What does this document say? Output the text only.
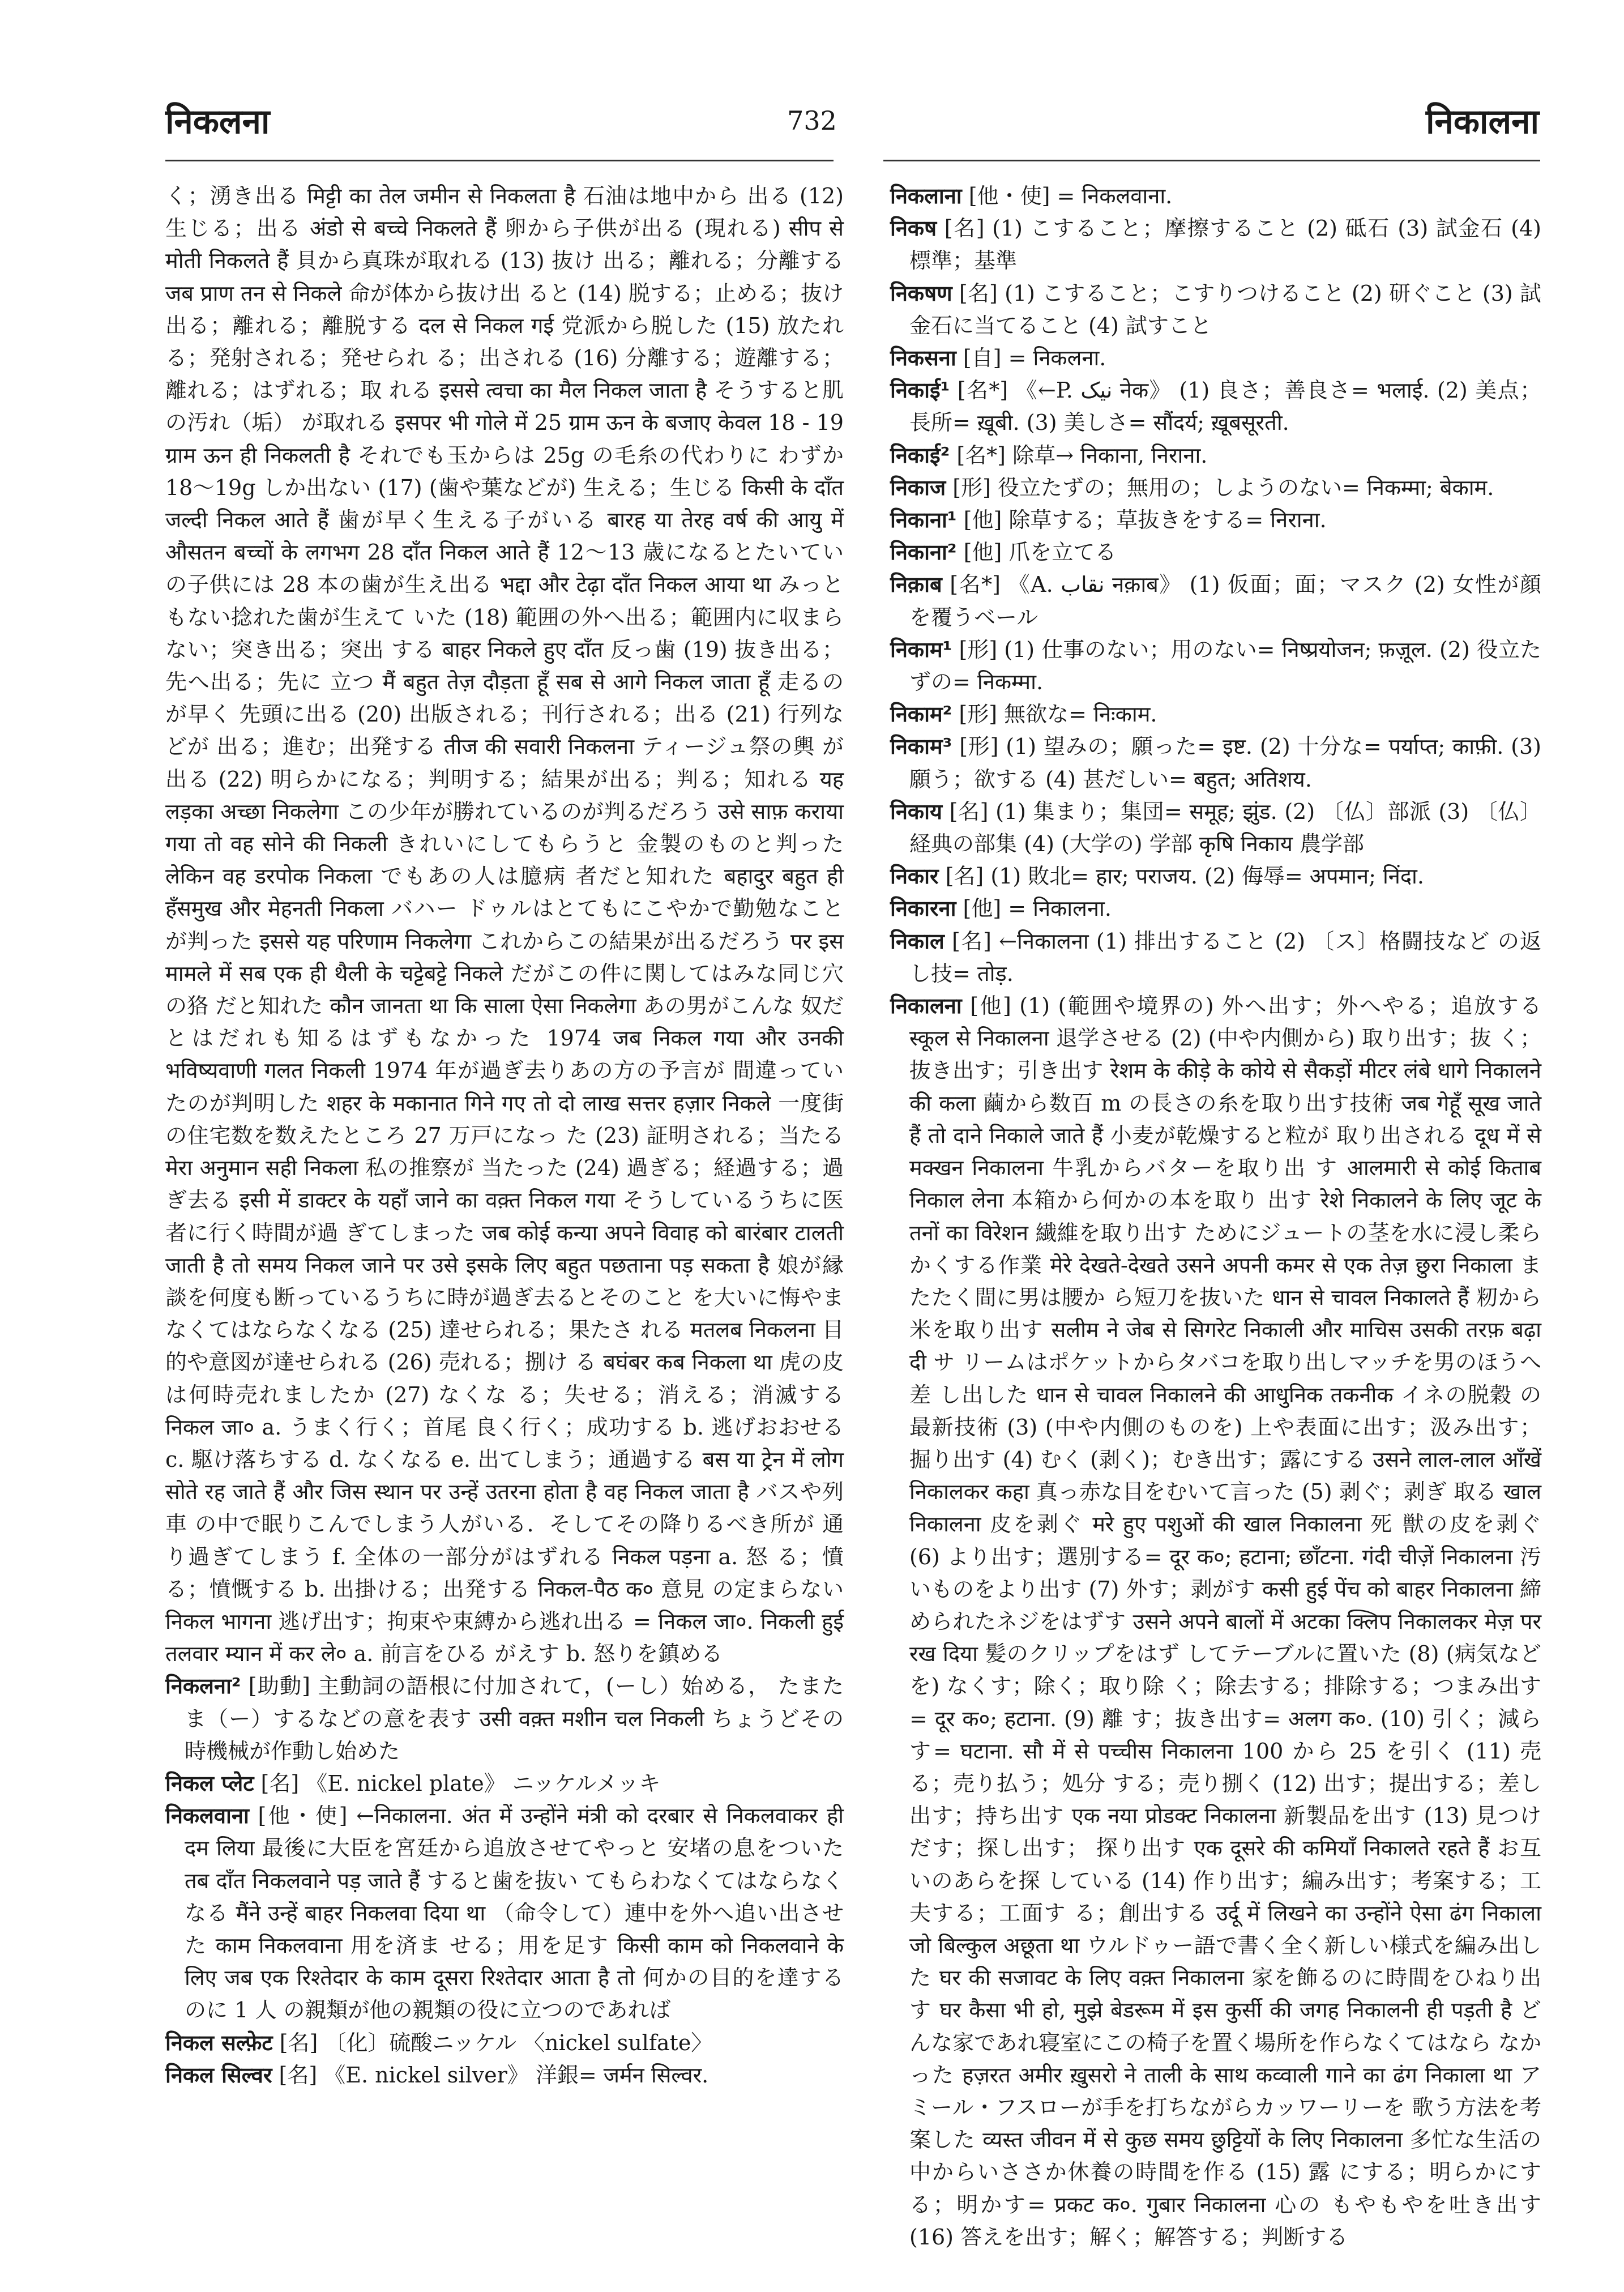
निकलना	732	निकालना

く；湧き出る मिट्टी का तेल जमीन से निकलता है 石油は地中から 出る (12) 生じる；出る अंडो से बच्चे निकलते हैं 卵から子供が出る (現れる) सीप से मोती निकलते हैं 貝から真珠が取れる (13) 抜け 出る；離れる；分離する जब प्राण तन से निकले 命が体から抜け出 ると (14) 脱する；止める；抜け出る；離れる；離脱する दल से निकल गई 党派から脱した (15) 放たれる；発射される；発せられ る；出される (16) 分離する；遊離する；離れる；はずれる；取 れる इससे त्वचा का मैल निकल जाता है そうすると肌の汚れ（垢） が取れる इसपर भी गोले में 25 ग्राम ऊन के बजाए केवल 18 - 19 ग्राम ऊन ही निकलती है それでも玉からは 25g の毛糸の代わりに わずか 18～19g しか出ない (17) (歯や葉などが) 生える；生じる किसी के दाँत जल्दी निकल आते हैं 歯が早く生える子がいる बारह या तेरह वर्ष की आयु में औसतन बच्चों के लगभग 28 दाँत निकल आते हैं 12～13 歳になるとたいていの子供には 28 本の歯が生え出る भद्दा और टेढ़ा दाँत निकल आया था みっともない捻れた歯が生えて いた (18) 範囲の外へ出る；範囲内に収まらない；突き出る；突出 する बाहर निकले हुए दाँत 反っ歯 (19) 抜き出る；先へ出る；先に 立つ मैं बहुत तेज़ दौड़ता हूँ सब से आगे निकल जाता हूँ 走るのが早く 先頭に出る (20) 出版される；刊行される；出る (21) 行列などが 出る；進む；出発する तीज की सवारी निकलना ティージュ祭の輿 が出る (22) 明らかになる；判明する；結果が出る；判る；知れる यह लड़का अच्छा निकलेगा この少年が勝れているのが判るだろう उसे साफ़ कराया गया तो वह सोने की निकली きれいにしてもらうと 金製のものと判った लेकिन वह डरपोक निकला でもあの人は臆病 者だと知れた बहादुर बहुत ही हँसमुख और मेहनती निकला バハー ドゥルはとてもにこやかで勤勉なことが判った इससे यह परिणाम निकलेगा これからこの結果が出るだろう पर इस मामले में सब एक ही थैली के चट्टेबट्टे निकले だがこの件に関してはみな同じ穴の狢 だと知れた कौन जानता था कि साला ऐसा निकलेगा あの男がこんな 奴だとはだれも知るはずもなかった 1974 जब निकल गया और उनकी भविष्यवाणी गलत निकली 1974 年が過ぎ去りあの方の予言が 間違っていたのが判明した शहर के मकानात गिने गए तो दो लाख सत्तर हज़ार निकले 一度街の住宅数を数えたところ 27 万戸になっ た (23) 証明される；当たる मेरा अनुमान सही निकला 私の推察が 当たった (24) 過ぎる；経過する；過ぎ去る इसी में डाक्टर के यहाँ जाने का वक़्त निकल गया そうしているうちに医者に行く時間が過 ぎてしまった जब कोई कन्या अपने विवाह को बारंबार टालती जाती है तो समय निकल जाने पर उसे इसके लिए बहुत पछताना पड़ सकता है 娘が縁談を何度も断っているうちに時が過ぎ去るとそのこと を大いに悔やまなくてはならなくなる (25) 達せられる；果たさ れる मतलब निकलना 目的や意図が達せられる (26) 売れる；捌け る बघंबर कब निकला था 虎の皮は何時売れましたか (27) なくな る；失せる；消える；消滅する निकल जा० a. うまく行く；首尾 良く行く；成功する b. 逃げおおせる c. 駆け落ちする d. なくなる e. 出てしまう；通過する बस या ट्रेन में लोग सोते रह जाते हैं और जिस स्थान पर उन्हें उतरना होता है वह निकल जाता है バスや列車 の中で眠りこんでしまう人がいる．そしてその降りるべき所が 通り過ぎてしまう f. 全体の一部分がはずれる निकल पड़ना a. 怒 る；憤る；憤慨する b. 出掛ける；出発する निकल-पैठ क० 意見 の定まらない निकल भागना 逃げ出す；拘束や束縛から逃れ出る = निकल जा०. निकली हुई तलवार म्यान में कर ले० a. 前言をひる がえす b. 怒りを鎮める

निकलना² [助動] 主動詞の語根に付加されて，(ーし）始める， たまたま（ー）するなどの意を表す उसी वक़्त मशीन चल निकली ちょうどその時機械が作動し始めた

निकल प्लेट [名] 《E. nickel plate》 ニッケルメッキ

निकलवाना [他・使] ←निकालना. अंत में उन्होंने मंत्री को दरबार से निकलवाकर ही दम लिया 最後に大臣を宮廷から追放させてやっと 安堵の息をついた तब दाँत निकलवाने पड़ जाते हैं すると歯を抜い てもらわなくてはならなくなる मैंने उन्हें बाहर निकलवा दिया था （命令して）連中を外へ追い出させた काम निकलवाना 用を済ま せる；用を足す किसी काम को निकलवाने के लिए जब एक रिश्तेदार के काम दूसरा रिश्तेदार आता है तो 何かの目的を達するのに 1 人 の親類が他の親類の役に立つのであれば

निकल सल्फ़ेट [名] 〔化〕硫酸ニッケル 〈nickel sulfate〉

निकल सिल्वर [名] 《E. nickel silver》 洋銀= जर्मन सिल्वर.

निकलाना [他・使] = निकलवाना.

निकष [名] (1) こすること；摩擦すること (2) 砥石 (3) 試金石 (4) 標準；基準

निकषण [名] (1) こすること；こすりつけること (2) 研ぐこと (3) 試金石に当てること (4) 試すこと

निकसना [自] = निकलना.

निकाई¹ [名*] 《←P. نیک नेक》 (1) 良さ；善良さ= भलाई. (2) 美点；長所= ख़ूबी. (3) 美しさ= सौंदर्य; ख़ूबसूरती.

निकाई² [名*] 除草→ निकाना, निराना.

निकाज [形] 役立たずの；無用の；しようのない= निकम्मा; बेकाम.

निकाना¹ [他] 除草する；草抜きをする= निराना.

निकाना² [他] 爪を立てる

निक़ाब [名*] 《A. نقاب नक़ाब》 (1) 仮面；面；マスク (2) 女性が顔 を覆うベール

निकाम¹ [形] (1) 仕事のない；用のない= निष्प्रयोजन; फ़ज़ूल. (2) 役立たずの= निकम्मा.

निकाम² [形] 無欲な= निःकाम.

निकाम³ [形] (1) 望みの；願った= इष्ट. (2) 十分な= पर्याप्त; काफ़ी. (3) 願う；欲する (4) 甚だしい= बहुत; अतिशय.

निकाय [名] (1) 集まり；集団= समूह; झुंड. (2) 〔仏〕部派 (3) 〔仏〕経典の部集 (4) (大学の) 学部 कृषि निकाय 農学部

निकार [名] (1) 敗北= हार; पराजय. (2) 侮辱= अपमान; निंदा.

निकारना [他] = निकालना.

निकाल [名] ←निकालना (1) 排出すること (2) 〔ス〕格闘技など の返し技= तोड़.

निकालना [他] (1) (範囲や境界の) 外へ出す；外へやる；追放する स्कूल से निकालना 退学させる (2) (中や内側から) 取り出す；抜 く；抜き出す；引き出す रेशम के कीड़े के कोये से सैकड़ों मीटर लंबे धागे निकालने की कला 繭から数百 m の長さの糸を取り出す技術 जब गेहूँ सूख जाते हैं तो दाने निकाले जाते हैं 小麦が乾燥すると粒が 取り出される दूध में से मक्खन निकालना 牛乳からバターを取り出 す आलमारी से कोई किताब निकाल लेना 本箱から何かの本を取り 出す रेशे निकालने के लिए जूट के तनों का विरेशन 繊維を取り出す ためにジュートの茎を水に浸し柔らかくする作業 मेरे देखते-देखते उसने अपनी कमर से एक तेज़ छुरा निकाला またたく間に男は腰か ら短刀を抜いた धान से चावल निकालते हैं 籾から米を取り出す सलीम ने जेब से सिगरेट निकाली और माचिस उसकी तरफ़ बढ़ा दी サ リームはポケットからタバコを取り出しマッチを男のほうへ差 し出した धान से चावल निकालने की आधुनिक तकनीक イネの脱穀 の最新技術 (3) (中や内側のものを) 上や表面に出す；汲み出す； 掘り出す (4) むく (剥く)；むき出す；露にする उसने लाल-लाल आँखें निकालकर कहा 真っ赤な目をむいて言った (5) 剥ぐ；剥ぎ 取る खाल निकालना 皮を剥ぐ मरे हुए पशुओं की खाल निकालना 死 獣の皮を剥ぐ (6) より出す；選別する= दूर क०; हटाना; छाँटना. गंदी चीज़ें निकालना 汚いものをより出す (7) 外す；剥がす कसी हुई पेंच को बाहर निकालना 締められたネジをはずす उसने अपने बालों में अटका क्लिप निकालकर मेज़ पर रख दिया 髪のクリップをはず してテーブルに置いた (8) (病気などを) なくす；除く；取り除 く；除去する；排除する；つまみ出す= दूर क०; हटाना. (9) 離 す；抜き出す= अलग क०. (10) 引く；減らす= घटाना. सौ में से पच्चीस निकालना 100 から 25 を引く (11) 売る；売り払う；処分 する；売り捌く (12) 出す；提出する；差し出す；持ち出す एक नया प्रोडक्ट निकालना 新製品を出す (13) 見つけだす；探し出す； 探り出す एक दूसरे की कमियाँ निकालते रहते हैं お互いのあらを探 している (14) 作り出す；編み出す；考案する；工夫する；工面す る；創出する उर्दू में लिखने का उन्होंने ऐसा ढंग निकाला जो बिल्कुल अछूता था ウルドゥー語で書く全く新しい様式を編み出した घर की सजावट के लिए वक़्त निकालना 家を飾るのに時間をひねり出す घर कैसा भी हो, मुझे बेडरूम में इस कुर्सी की जगह निकालनी ही पड़ती है どんな家であれ寝室にこの椅子を置く場所を作らなくてはなら なかった हज़रत अमीर ख़ुसरो ने ताली के साथ कव्वाली गाने का ढंग निकाला था アミール・フスローが手を打ちながらカッワーリーを 歌う方法を考案した व्यस्त जीवन में से कुछ समय छुट्टियों के लिए निकालना 多忙な生活の中からいささか休養の時間を作る (15) 露 にする；明らかにする；明かす= प्रकट क०. गुबार निकालना 心の もやもやを吐き出す (16) 答えを出す；解く；解答する；判断する
